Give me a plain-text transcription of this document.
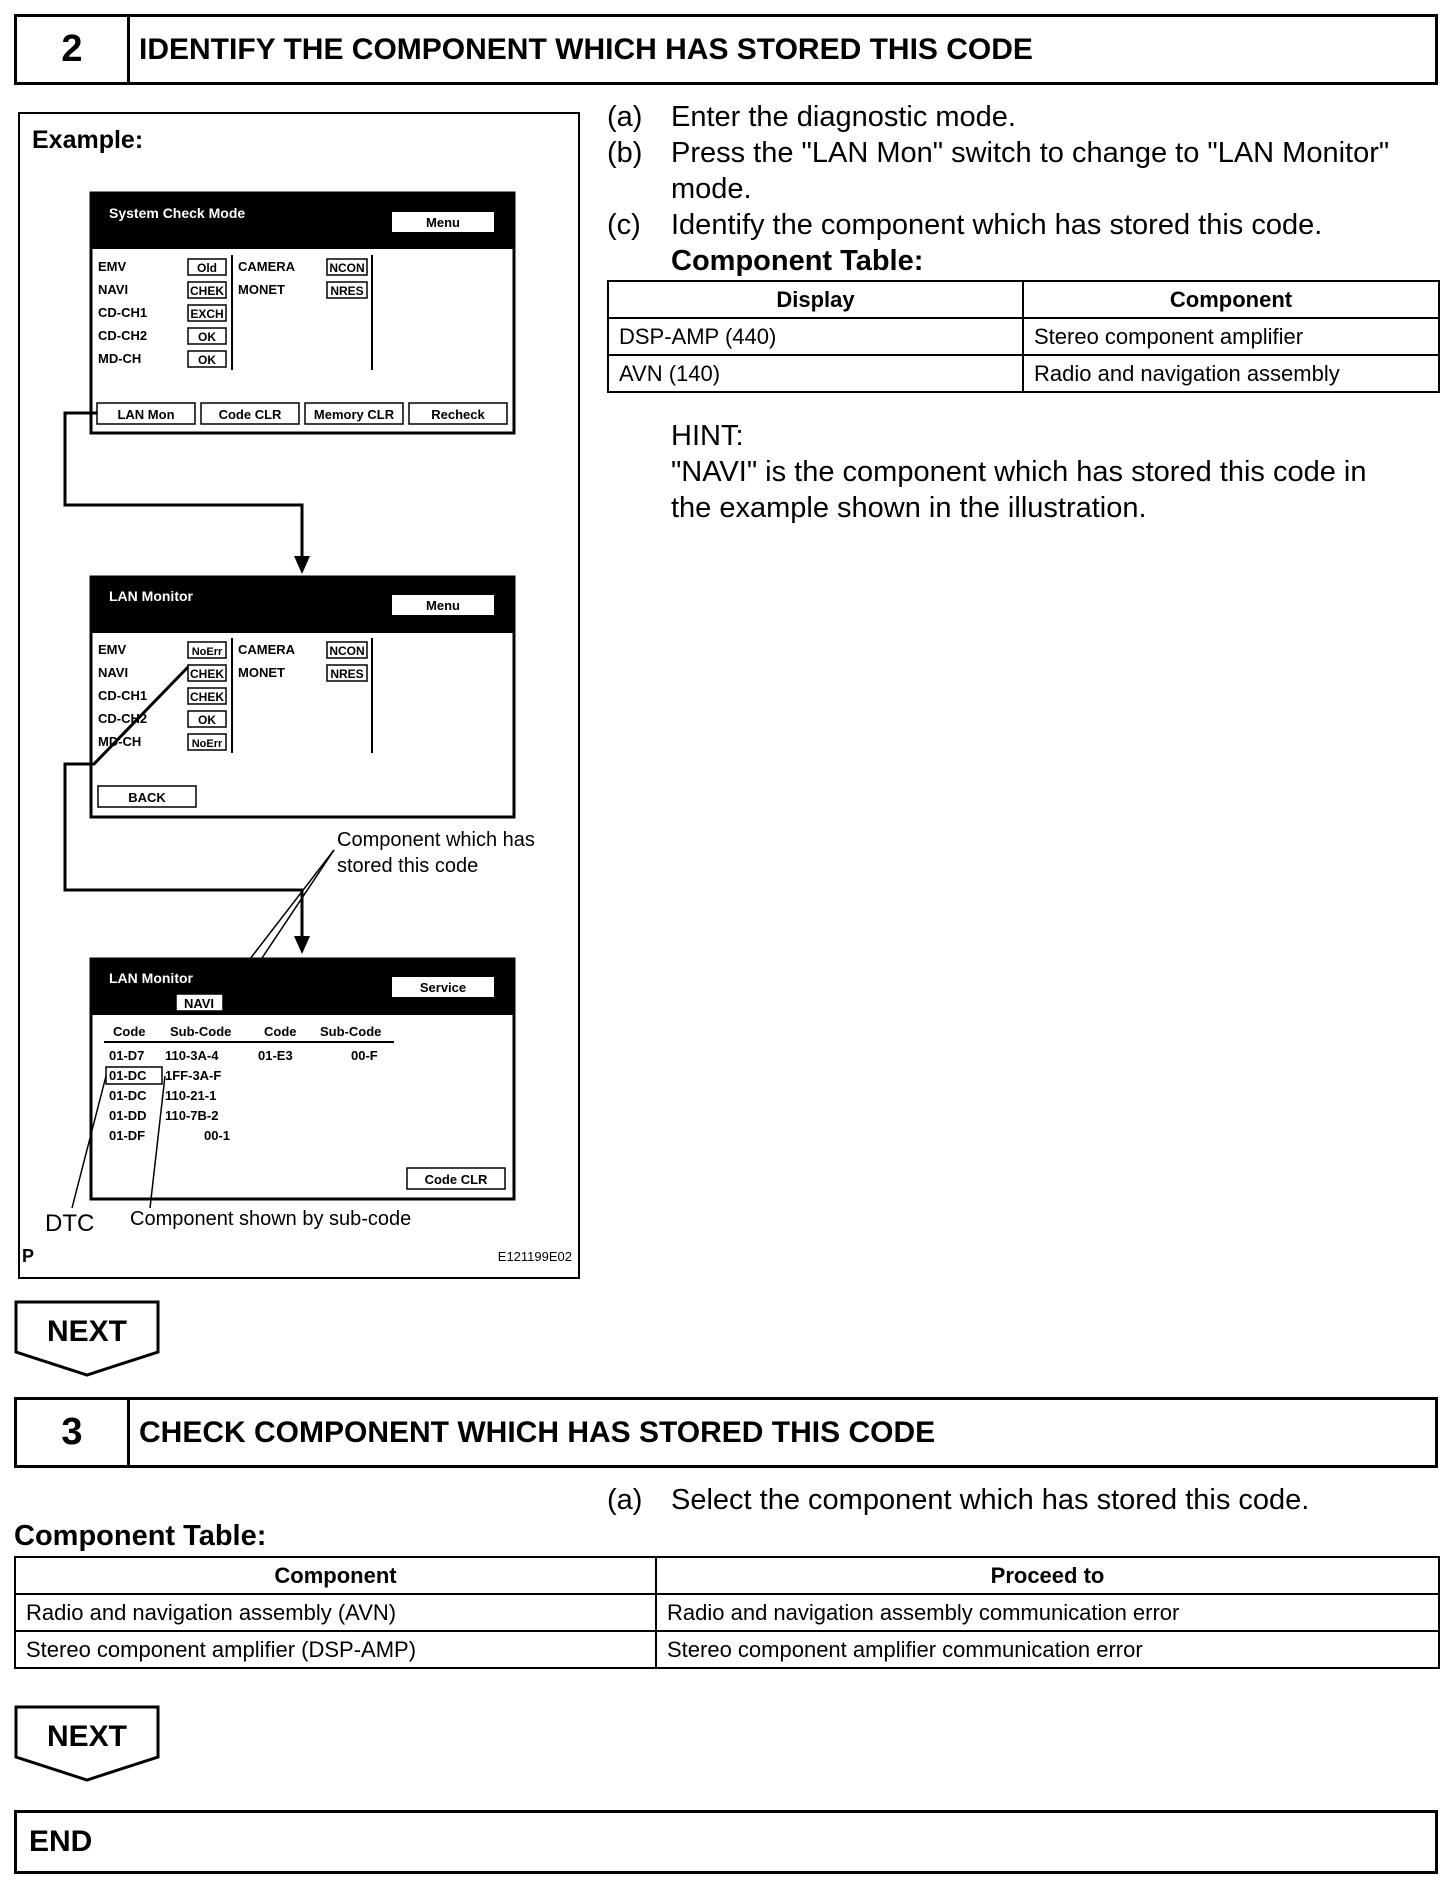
2	IDENTIFY THE COMPONENT WHICH HAS STORED THIS CODE
(a) Enter the diagnostic mode.
(b) Press the "LAN Mon" switch to change to "LAN Monitor"
mode.
(c) Identify the component which has stored this code.
Component Table:
Display	Component
DSP-AMP (440)	Stereo component amplifier
AVN (140)	Radio and navigation assembly
HINT:
"NAVI" is the component which has stored this code in
the example shown in the illustration.
Example:
System Check Mode
Menu
EMV	Old
NAVI	CHEK
CD-CH1	EXCH
CD-CH2	OK
MD-CH	OK
CAMERA	NCON
MONET	NRES
LAN Mon	Code CLR Memory CLR	Recheck
LAN Monitor
Menu
EMV	NoErr
NAVI	CHEK
CD-CH1	CHEK
CD-CH2	OK
MD-CH	NoErr
CAMERA	NCON
MONET	NRES
BACK
Component which has
stored this code
LAN Monitor
NAVI
Service
Code Sub-Code	Code Sub-Code
01-D7 110-3A-4	01-E3	00-F
01-DC 1FF-3A-F
01-DC 110-21-1
01-DD 110-7B-2
01-DF	00-1
Code CLR
DTC Component shown by sub-code
P	E121199E02
NEXT
3	CHECK COMPONENT WHICH HAS STORED THIS CODE
(a) Select the component which has stored this code.
Component Table:
Component	Proceed to
Radio and navigation assembly (AVN)	Radio and navigation assembly communication error
Stereo component amplifier (DSP-AMP)	Stereo component amplifier communication error
NEXT
END
